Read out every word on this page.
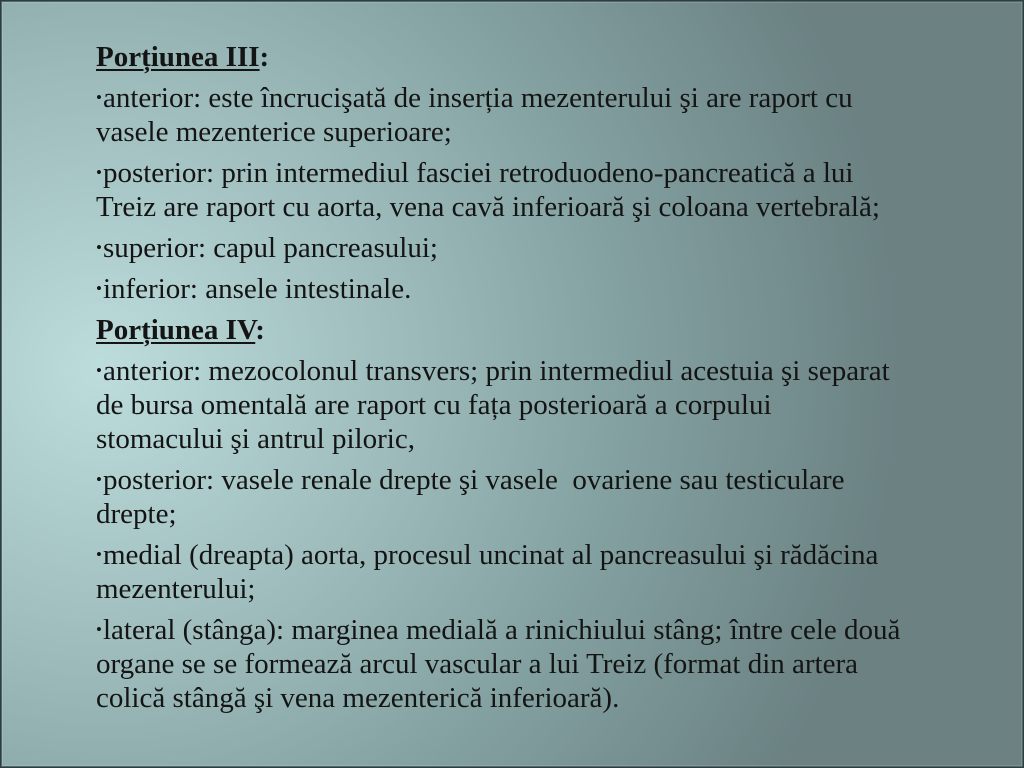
Porțiunea III:

•anterior: este încrucişată de inserția mezenterului şi are raport cu
vasele mezenterice superioare;

•posterior: prin intermediul fasciei retroduodeno-pancreatică a lui
Treiz are raport cu aorta, vena cavă inferioară şi coloana vertebrală;

•superior: capul pancreasului;

•inferior: ansele intestinale.

Porțiunea IV:

•anterior: mezocolonul transvers; prin intermediul acestuia şi separat
de bursa omentală are raport cu fața posterioară a corpului
stomacului şi antrul piloric,

•posterior: vasele renale drepte şi vasele  ovariene sau testiculare
drepte;

•medial (dreapta) aorta, procesul uncinat al pancreasului şi rădăcina
mezenterului;

•lateral (stânga): marginea medială a rinichiului stâng; între cele două
organe se se formează arcul vascular a lui Treiz (format din artera
colică stângă şi vena mezenterică inferioară).
